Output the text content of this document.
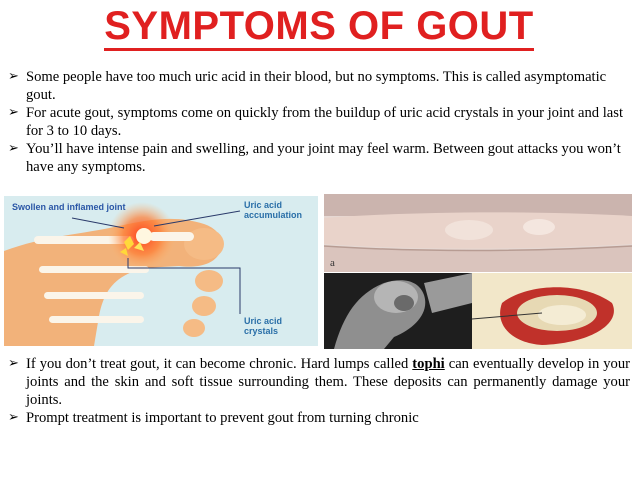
SYMPTOMS OF GOUT
➢ Some people have too much uric acid in their blood, but no symptoms. This is called asymptomatic gout.
➢ For acute gout, symptoms come on quickly from the buildup of uric acid crystals in your joint and last for 3 to 10 days.
➢ You’ll have intense pain and swelling, and your joint may feel warm. Between gout attacks you won’t have any symptoms.
Swollen and inflamed joint	Uric acid accumulation
Uric acid crystals
a
➢ If you don’t treat gout, it can become chronic. Hard lumps called tophi can eventually develop in your joints and the skin and soft tissue surrounding them. These deposits can permanently damage your joints.
➢ Prompt treatment is important to prevent gout from turning chronic
